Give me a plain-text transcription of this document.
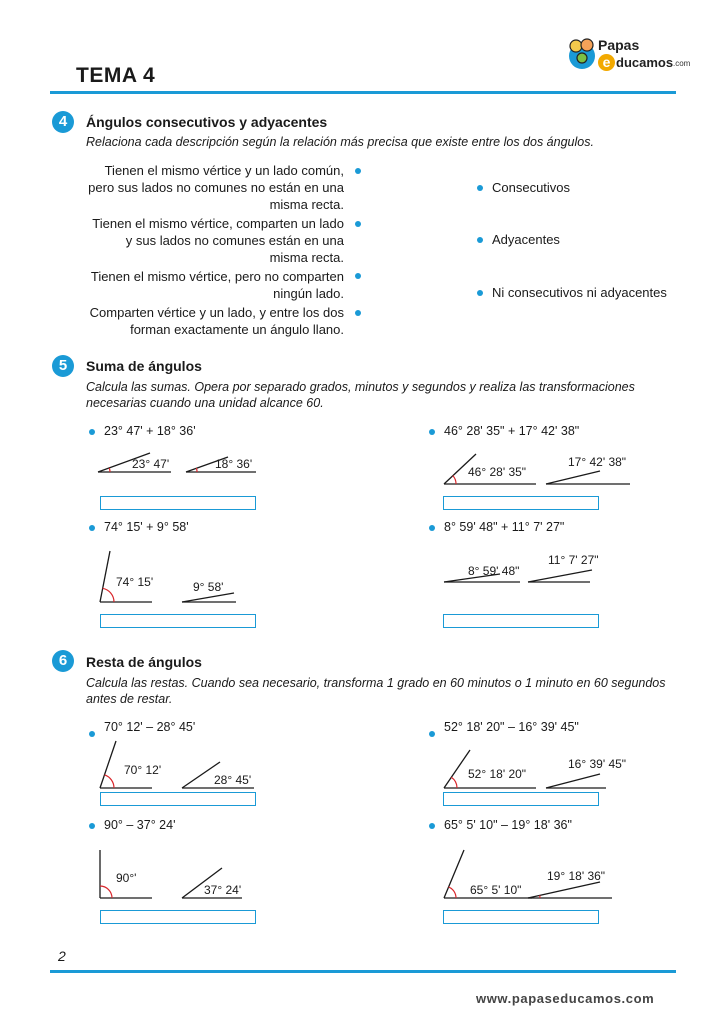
TEMA 4
Papas
e ducamos .com
4	Ángulos consecutivos y adyacentes
Relaciona cada descripción según la relación más precisa que existe entre los dos ángulos.
Tienen el mismo vértice y un lado común, pero sus lados no comunes no están en una misma recta.
Tienen el mismo vértice, comparten un lado y sus lados no comunes están en una misma recta.
Tienen el mismo vértice, pero no comparten ningún lado.
Comparten vértice y un lado, y entre los dos forman exactamente un ángulo llano.
Consecutivos
Adyacentes
Ni consecutivos ni adyacentes
5	Suma de ángulos
Calcula las sumas. Opera por separado grados, minutos y segundos y realiza las transformaciones necesarias cuando una unidad alcance 60.
23° 47' + 18° 36'
23° 47'	18° 36'
46° 28' 35" + 17° 42' 38"
46° 28' 35"
17° 42' 38"
74° 15' + 9° 58'
74° 15'	9° 58'
8° 59' 48" + 11° 7' 27"
8° 59' 48"
11° 7' 27"
6	Resta de ángulos
Calcula las restas. Cuando sea necesario, transforma 1 grado en 60 minutos o 1 minuto en 60 segundos antes de restar.
70° 12' – 28° 45'
70° 12'
28° 45'
52° 18' 20" – 16° 39' 45"
52° 18' 20"
16° 39' 45"
90° – 37° 24'
90°'
37° 24'
65° 5' 10" – 19° 18' 36"
65° 5' 10"
19° 18' 36"
2
www.papaseducamos.com
